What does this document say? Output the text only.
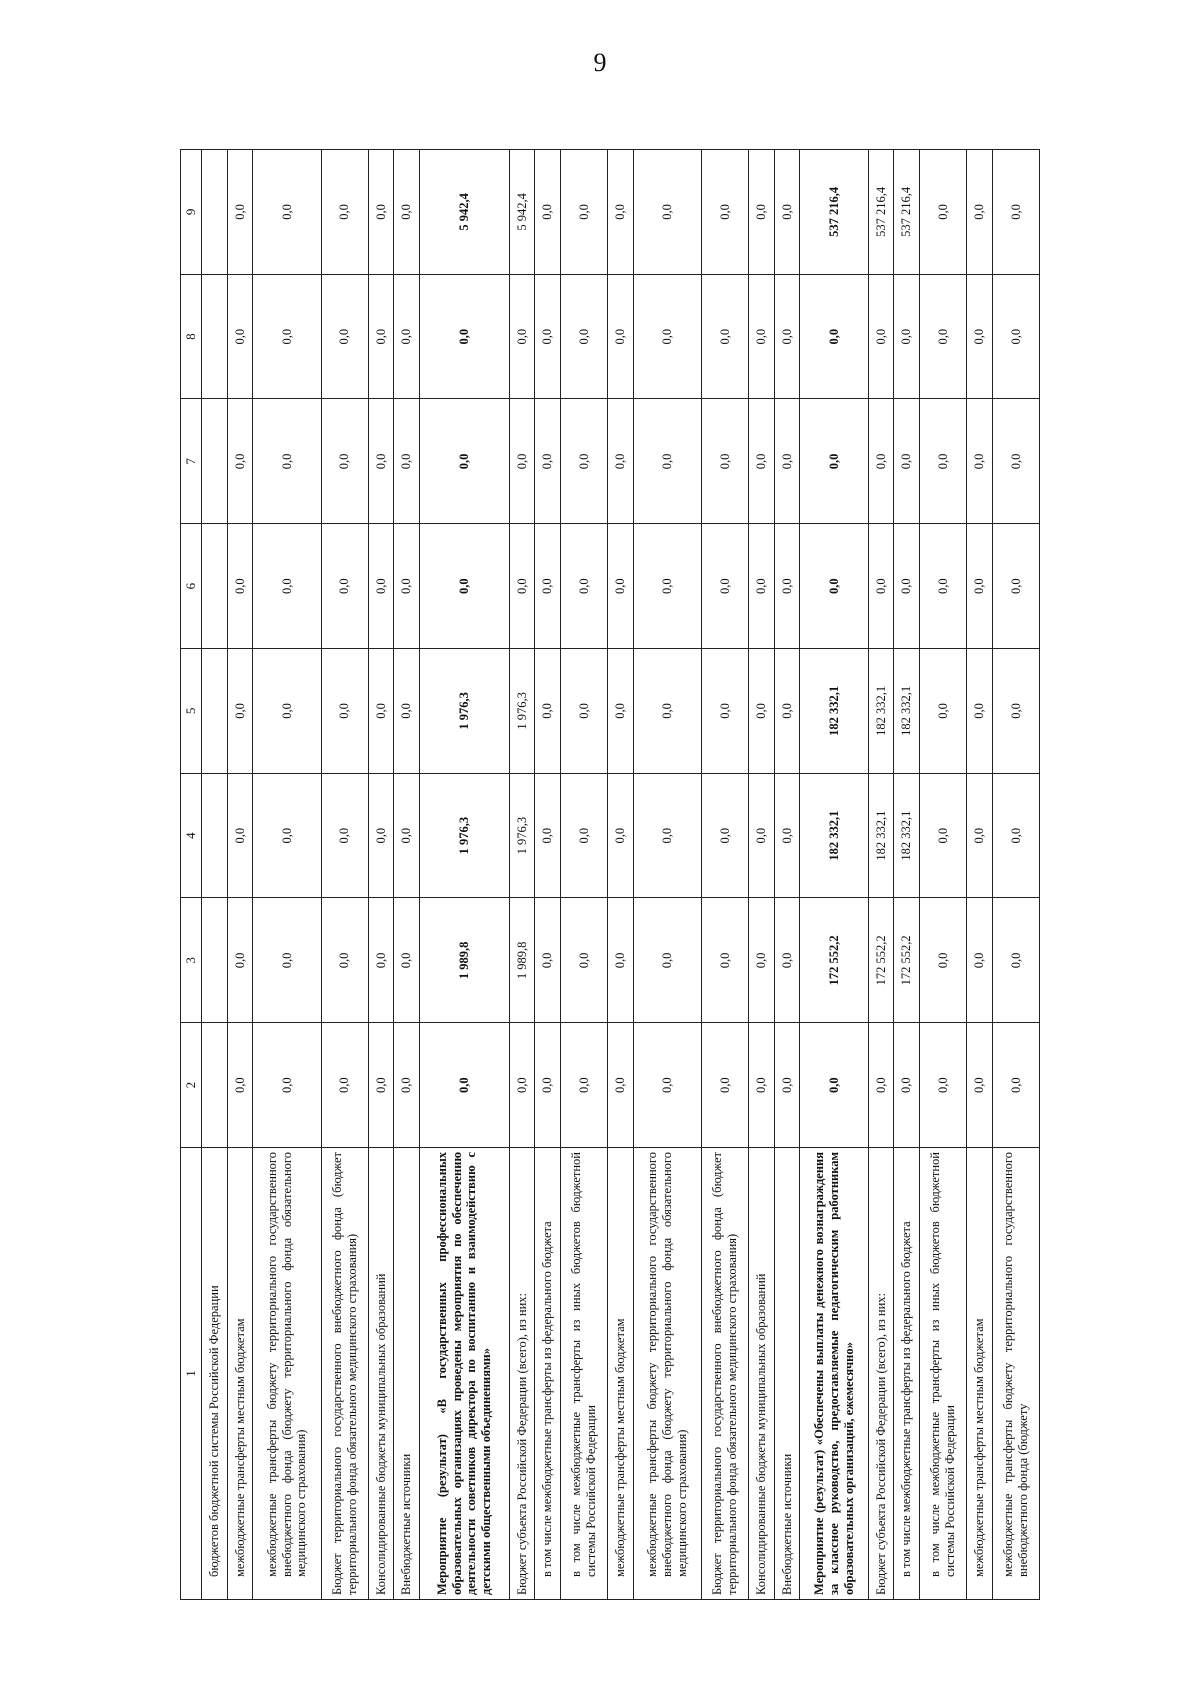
9
1	2	3	4	5	6	7	8	9
бюджетов бюджетной системы Российской Федерации								
межбюджетные трансферты местным бюджетам	0,0	0,0	0,0	0,0	0,0	0,0	0,0	0,0
межбюджетные трансферты бюджету территориального государственного внебюджетного фонда (бюджету территориального фонда обязательного медицинского страхования)	0,0	0,0	0,0	0,0	0,0	0,0	0,0	0,0
Бюджет территориального государственного внебюджетного фонда (бюджет территориального фонда обязательного медицинского страхования)	0,0	0,0	0,0	0,0	0,0	0,0	0,0	0,0
Консолидированные бюджеты муниципальных образований	0,0	0,0	0,0	0,0	0,0	0,0	0,0	0,0
Внебюджетные источники	0,0	0,0	0,0	0,0	0,0	0,0	0,0	0,0
Мероприятие (результат) «В государственных профессиональных образовательных организациях проведены мероприятия по обеспечению деятельности советников директора по воспитанию и взаимодействию с детскими общественными объединениями»	0,0	1 989,8	1 976,3	1 976,3	0,0	0,0	0,0	5 942,4
Бюджет субъекта Российской Федерации (всего), из них:	0,0	1 989,8	1 976,3	1 976,3	0,0	0,0	0,0	5 942,4
в том числе межбюджетные трансферты из федерального бюджета	0,0	0,0	0,0	0,0	0,0	0,0	0,0	0,0
в том числе межбюджетные трансферты из иных бюджетов бюджетной системы Российской Федерации	0,0	0,0	0,0	0,0	0,0	0,0	0,0	0,0
межбюджетные трансферты местным бюджетам	0,0	0,0	0,0	0,0	0,0	0,0	0,0	0,0
межбюджетные трансферты бюджету территориального государственного внебюджетного фонда (бюджету территориального фонда обязательного медицинского страхования)	0,0	0,0	0,0	0,0	0,0	0,0	0,0	0,0
Бюджет территориального государственного внебюджетного фонда (бюджет территориального фонда обязательного медицинского страхования)	0,0	0,0	0,0	0,0	0,0	0,0	0,0	0,0
Консолидированные бюджеты муниципальных образований	0,0	0,0	0,0	0,0	0,0	0,0	0,0	0,0
Внебюджетные источники	0,0	0,0	0,0	0,0	0,0	0,0	0,0	0,0
Мероприятие (результат) «Обеспечены выплаты денежного вознаграждения за классное руководство, предоставляемые педагогическим работникам образовательных организаций, ежемесячно»	0,0	172 552,2	182 332,1	182 332,1	0,0	0,0	0,0	537 216,4
Бюджет субъекта Российской Федерации (всего), из них:	0,0	172 552,2	182 332,1	182 332,1	0,0	0,0	0,0	537 216,4
в том числе межбюджетные трансферты из федерального бюджета	0,0	172 552,2	182 332,1	182 332,1	0,0	0,0	0,0	537 216,4
в том числе межбюджетные трансферты из иных бюджетов бюджетной системы Российской Федерации	0,0	0,0	0,0	0,0	0,0	0,0	0,0	0,0
межбюджетные трансферты местным бюджетам	0,0	0,0	0,0	0,0	0,0	0,0	0,0	0,0
межбюджетные трансферты бюджету территориального государственного внебюджетного фонда (бюджету	0,0	0,0	0,0	0,0	0,0	0,0	0,0	0,0
